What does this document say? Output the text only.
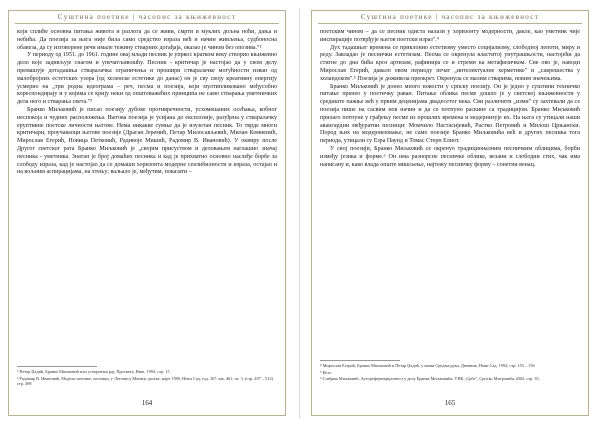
Суштина поетике | часопис за књижевност

који сплиће основна питања живота и разлога да се живи, смрти и муклих дољна ноћи, дања и небића. Да поезија за њега нијe била само средство израза већ и начин живљења, судбоносна обавеза, да су изговорене речи имале тежину стварних догађаја, оказао је чином без опозива."²

У периоду од 1951. до 1961. године овај млади песник је упркос кратком веку створио књижевно дело које задивљује снагом и упечатљивошћу. Песник - критичар је настојао да у свом делу премашује дотадашња стваралачка ограничења и прошири стваралачке могућности изван од малобројних естетских узора (од хеленске естетике до данас) он је сву своју креативну енергију усмерио на „три родна идеограма – реч, песма и поезија, који мултипликовано међусобно кореспондирају и у којима се крију неки од општеважећих принципа не само стварања уметничких дела него и стварања света."³

Бранко Миљковић је писао поезију дубоке противречности, усхомешаних осећања, кобног неспокоја и чудних расположења. Његова поезија је усијана до експлозије, разуђена у стваралачку еруптивне поетске личности његове. Нема никакве сумње да је изузетан песник. То тврде многи критичари, проучаваоци његове поезије (Драган Јеремић, Петар Милосављевић, Милан Комненић, Мирослав Егерић, Новица Петковић, Радивоје Мишић, Радомир В. Ивановић). У оквиру после Другог светског рата Бранко Миљковић је „својим присуством и деловањем наглашио значај песника - уметника. Знатан је број домаћих песника и кад је прихватио основно наслеђе борбе за слободу израза, кад је настојао да се домаши хоризонта модерне сензибилности и израза, остајао и на вољним аспирацијама, на хтењу; вальало је, међутим, показати –

² Петар Џадић, Бранко Миљковић или успориташ раj, Просвета, Ниш, 1994, стр. 15

³ Радомир В. Ивановић, Модели поетике, песници, у Летопису Матице српске, март 1990, Нови Сад, год. 167, књ. 461, св. 3, (стр. 497 – 512) стр. 498

164
Суштина поетике | часопис за књижевност

поетским чином – да се песник одиста налази у хоризонту модерности, дакле, као уметник чије инспирације потврђује његов поетски израз".⁴

Дух тадашњег времена се приклонио естетизму уместо социјализму, слободној лепоти, миру и реду. Завладао је песнички естетизам. Песма се окренула властитој унутрашњости, настојећи да стигне до дна бића кроз артизам, рафинира се и стремн ка метафизичком. Све ово је, наводи Мирослав Егерић, давало овом периоду печат „интелектуалне херметике" и „саврешества у холандском".⁵ Поезија је доживела преокрет. Окренула се малим стварима, новим значењима.

Бранко Миљковић је донео много новости у српску поезију. Он је једно у суштини техничко питање пренео у поетичку раван. Питање облика песме дошло је у светској књижевности у средиште пажње већ у првим деценијама двадесетог века. Сви различити „изми" су захтевали да се поезија пише на сасвим нов начин и да се потпуно раскине са традицијом. Бранко Миљковић прилаго потпуне у грађењу песме из прошлих времена и модернизује их. На њега су утицали наши авангардни међуратни песници: Момчило Настасијевић, Растко Петровић и Милош Црњански. Пород њих на модернизовање, не само поезије Бранко Миљковића већ и других песника тога периода, утицали су Езра Паунд и Томас Стерн Елиот.

У свој поезији, Бранко Миљковић се окренуо традиционалним песничким облицима, борби између језика и форме.⁶ Он има разнорсне песничке облике, везани и слободни стих, чак има написану и, како влада опште мишљење, најтежу песничку форму – сонетни венац.

⁴ Мирослав Егерић, Бранко Миљковић и Петар Џадић, у њима Средња рука, Дневник, Нови Сад, 1994, стр. 155 – 156

⁵ Исто

⁶ Слађана Миљковић, Аутореференцијалност у делу Бранка Миљковића, УНК „Србе", Српско Митровића 2004. стр. 35.

165
